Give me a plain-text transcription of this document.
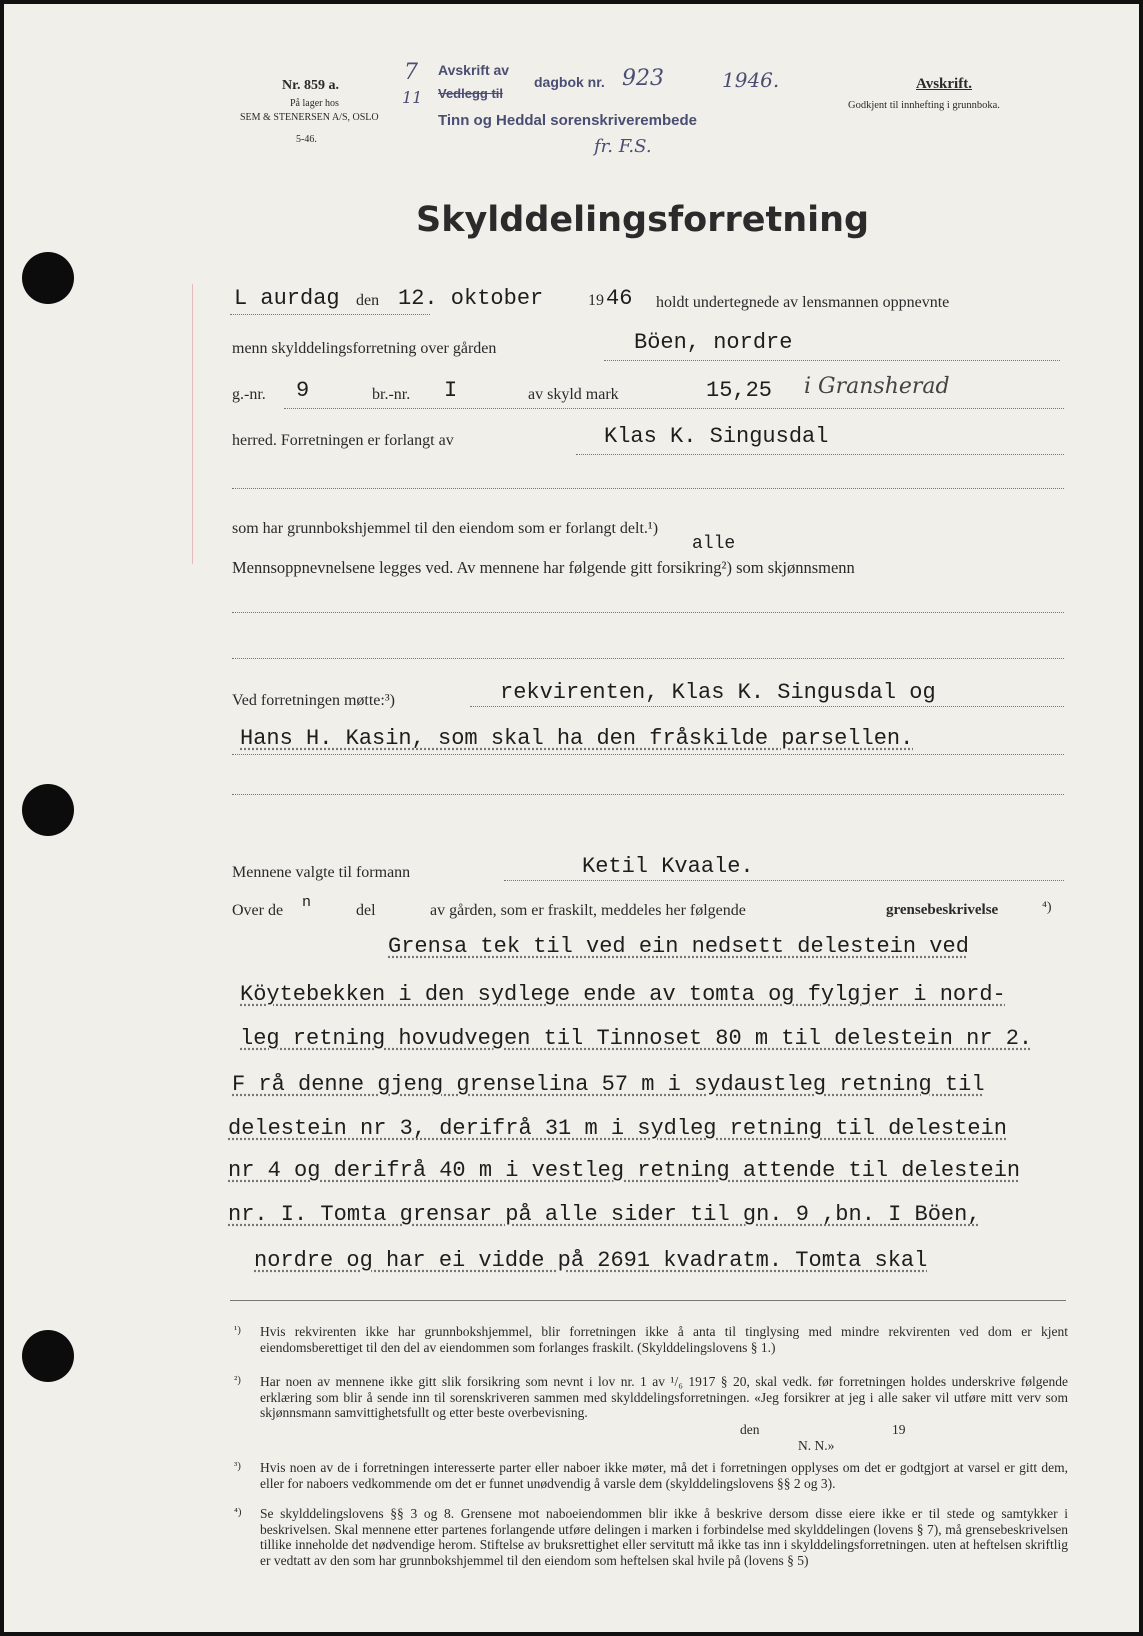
Nr. 859 a.
På lager hos
SEM & STENERSEN A/S, OSLO
5-46.
7
11
Avskrift av
Vedlegg til
dagbok nr. 923	1946.
Tinn og Heddal sorenskriverembede
fr. F.S.
Avskrift.
Godkjent til innhefting i grunnboka.
Skylddelingsforretning
L aurdag den 12. oktober	19 46 holdt undertegnede av lensmannen oppnevnte
menn skylddelingsforretning over gården	Böen, nordre
g.-nr. 9	br.-nr. I	av skyld mark	15,25 i Gransherad
herred. Forretningen er forlangt av	Klas K. Singusdal
som har grunnbokshjemmel til den eiendom som er forlangt delt.¹)
alle
Mennsoppnevnelsene legges ved. Av mennene har følgende gitt forsikring²) som skjønnsmenn
Ved forretningen møtte:³)	rekvirenten, Klas K. Singusdal og
Hans H. Kasin, som skal ha den fråskilde parsellen.
Mennene valgte til formann	Ketil Kvaale.
Over de n	del	av gården, som er fraskilt, meddeles her følgende	grensebeskrivelse	⁴)
Grensa tek til ved ein nedsett delestein ved
Köytebekken i den sydlege ende av tomta og fylgjer i nord-
leg retning hovudvegen til Tinnoset 80 m til delestein nr 2.
F rå denne gjeng grenselina 57 m i sydaustleg retning til
delestein nr 3, derifrå 31 m i sydleg retning til delestein
nr 4 og derifrå 40 m i vestleg retning attende til delestein
nr. I. Tomta grensar på alle sider til gn. 9 ,bn. I Böen,
nordre og har ei vidde på 2691 kvadratm. Tomta skal
¹) Hvis rekvirenten ikke har grunnbokshjemmel, blir forretningen ikke å anta til tinglysing med mindre rekvirenten ved dom er kjent eiendomsberettiget til den del av eiendommen som forlanges fraskilt. (Skylddelingslovens § 1.)
²) Har noen av mennene ikke gitt slik forsikring som nevnt i lov nr. 1 av ¹/₆ 1917 § 20, skal vedk. før forretningen holdes underskrive følgende erklæring som blir å sende inn til sorenskriveren sammen med skylddelingsforretningen. «Jeg forsikrer at jeg i alle saker vil utføre mitt verv som skjønnsmann samvittighetsfullt og etter beste overbevisning.
den	19
N. N.»
³) Hvis noen av de i forretningen interesserte parter eller naboer ikke møter, må det i forretningen opplyses om det er godtgjort at varsel er gitt dem, eller for naboers vedkommende om det er funnet unødvendig å varsle dem (skylddelingslovens §§ 2 og 3).
⁴) Se skylddelingslovens §§ 3 og 8. Grensene mot naboeiendommen blir ikke å beskrive dersom disse eiere ikke er til stede og samtykker i beskrivelsen. Skal mennene etter partenes forlangende utføre delingen i marken i forbindelse med skylddelingen (lovens § 7), må grensebeskrivelsen tillike inneholde det nødvendige herom. Stiftelse av bruksrettighet eller servitutt må ikke tas inn i skylddelingsforretningen. uten at heftelsen skriftlig er vedtatt av den som har grunnbokshjemmel til den eiendom som heftelsen skal hvile på (lovens § 5)
